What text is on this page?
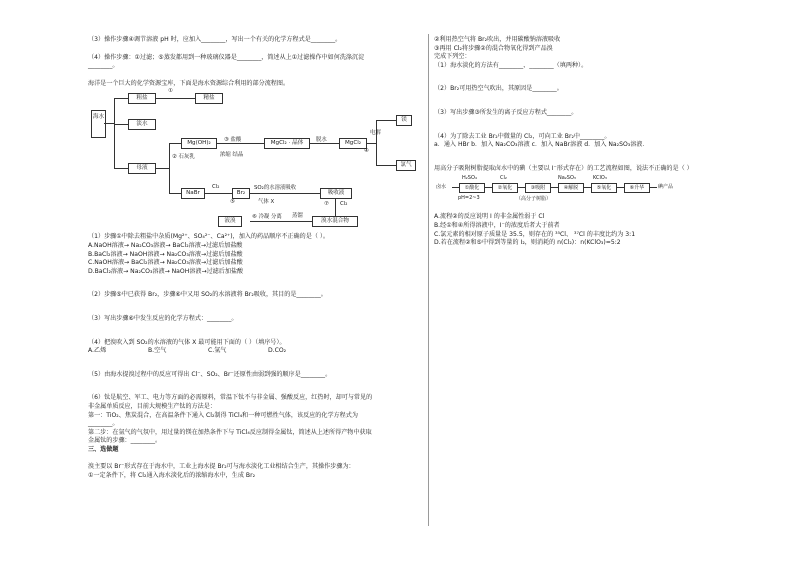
（3）操作步骤④调节溶液 pH 时，应加入________，写出一个有关的化学方程式是________。

（4）操作步骤：①过滤；⑤蒸发都用到一种玻璃仪器是________，简述从上①过滤操作中如何洗涤沉淀

________。

海洋是一个巨大的化学资源宝库，下面是海水资源综合利用的部分流程图。

海水
粗盐
①
精盐
淡水
母液
② 石灰乳
Mg(OH)₂	③ 盐酸
浓缩 结晶
MgCl₂ · 晶体	脱水	MgCl₂
电解
④
镁
氯气
NaBr
Cl₂
Br₂
SO₂的水溶液吸收
气体 X
⑤
吸收液
⑦ Cl₂
溴水混合物
蒸馏
⑥ 冷凝 分离
液溴

（1）步骤①中除去粗盐中杂质(Mg²⁺、SO₄²⁻、Ca²⁺)，加入的药品顺序不正确的是（ ）。

A.NaOH溶液→ Na₂CO₃溶液→ BaCl₂溶液→过滤后加盐酸

B.BaCl₂溶液→ NaOH溶液→ Na₂CO₃溶液→过滤后加盐酸

C.NaOH溶液→ BaCl₂溶液→ Na₂CO₃溶液→过滤后加盐酸

D.BaCl₂溶液→ Na₂CO₃溶液→ NaOH溶液→过滤后加盐酸

（2）步骤⑤中已获得 Br₂，步骤⑥中又用 SO₂的水溶液将 Br₂吸收，其目的是________。

（3）写出步骤⑥中发生反应的化学方程式：________。

（4）把溴吹入到 SO₂的水溶液的气体 X 最可能用下面的（ ）（填序号）。

A.乙烯	B.空气	C.氩气	D.CO₂

（5）由海水提溴过程中的反应可得出 Cl⁻、SO₂、Br⁻还原性由弱到强的顺序是________。

（6）钛是航空、军工、电力等方面的必需原料，常温下钛不与非金属、强酸反应，红热时，却可与常见的

非金属单质反应，目前大规模生产钛的方法是：

第一：TiO₂、焦炭混合，在高温条件下通入 Cl₂制得 TiCl₄和一种可燃性气体，该反应的化学方程式为

________。

第二步：在氩气的气氛中，用过量的镁在加热条件下与 TiCl₄反应制得金属钛，简述从上述所得产物中获取

金属钛的步骤：________。

三、选做题

溴主要以 Br⁻形式存在于海水中，工业上海水提 Br₂可与海水淡化工业相结合生产，其操作步骤为：

①一定条件下，将 Cl₂通入海水淡化后的浓缩海水中，生成 Br₂

②利用热空气将 Br₂吹出，并用碳酸钠溶液吸收

③再用 Cl₂将步骤②的混合物氧化得到产品溴

完成下列空：

（1）海水淡化的方法有________、________（填两种）。

（2）Br₂可用热空气吹出，其原因是________。

（3）写出步骤③所发生的离子反应方程式________。

（4）为了除去工业 Br₂中微量的 Cl₂，可向工业 Br₂中________。

a．通入 HBr b．加入 Na₂CO₃溶液 c．加入 NaBr溶液 d．加入 Na₂SO₃溶液．

用高分子吸附树脂提取卤水中的碘（主要以 I⁻形式存在）的工艺流程如图，说法不正确的是（ ）

卤水
H₂SO₄
①酸化
pH=2~3
Cl₂
②氧化	③吸附
（高分子树脂）
Na₂SO₃
④解脱
KClO₃
⑤氧化	⑥升华	碘产品

A.流程②的反应说明 I 的非金属性弱于 Cl

B.经①和④所得溶液中，I⁻的浓度后者大于前者

C.氯元素的相对原子质量是 35.5，则存在的 ³⁵Cl、 ³⁷Cl 的丰度比约为 3:1

D.若在流程②和⑤中得到等量的 I₂，则消耗的 n(Cl₂)：n(KClO₃)=5:2
